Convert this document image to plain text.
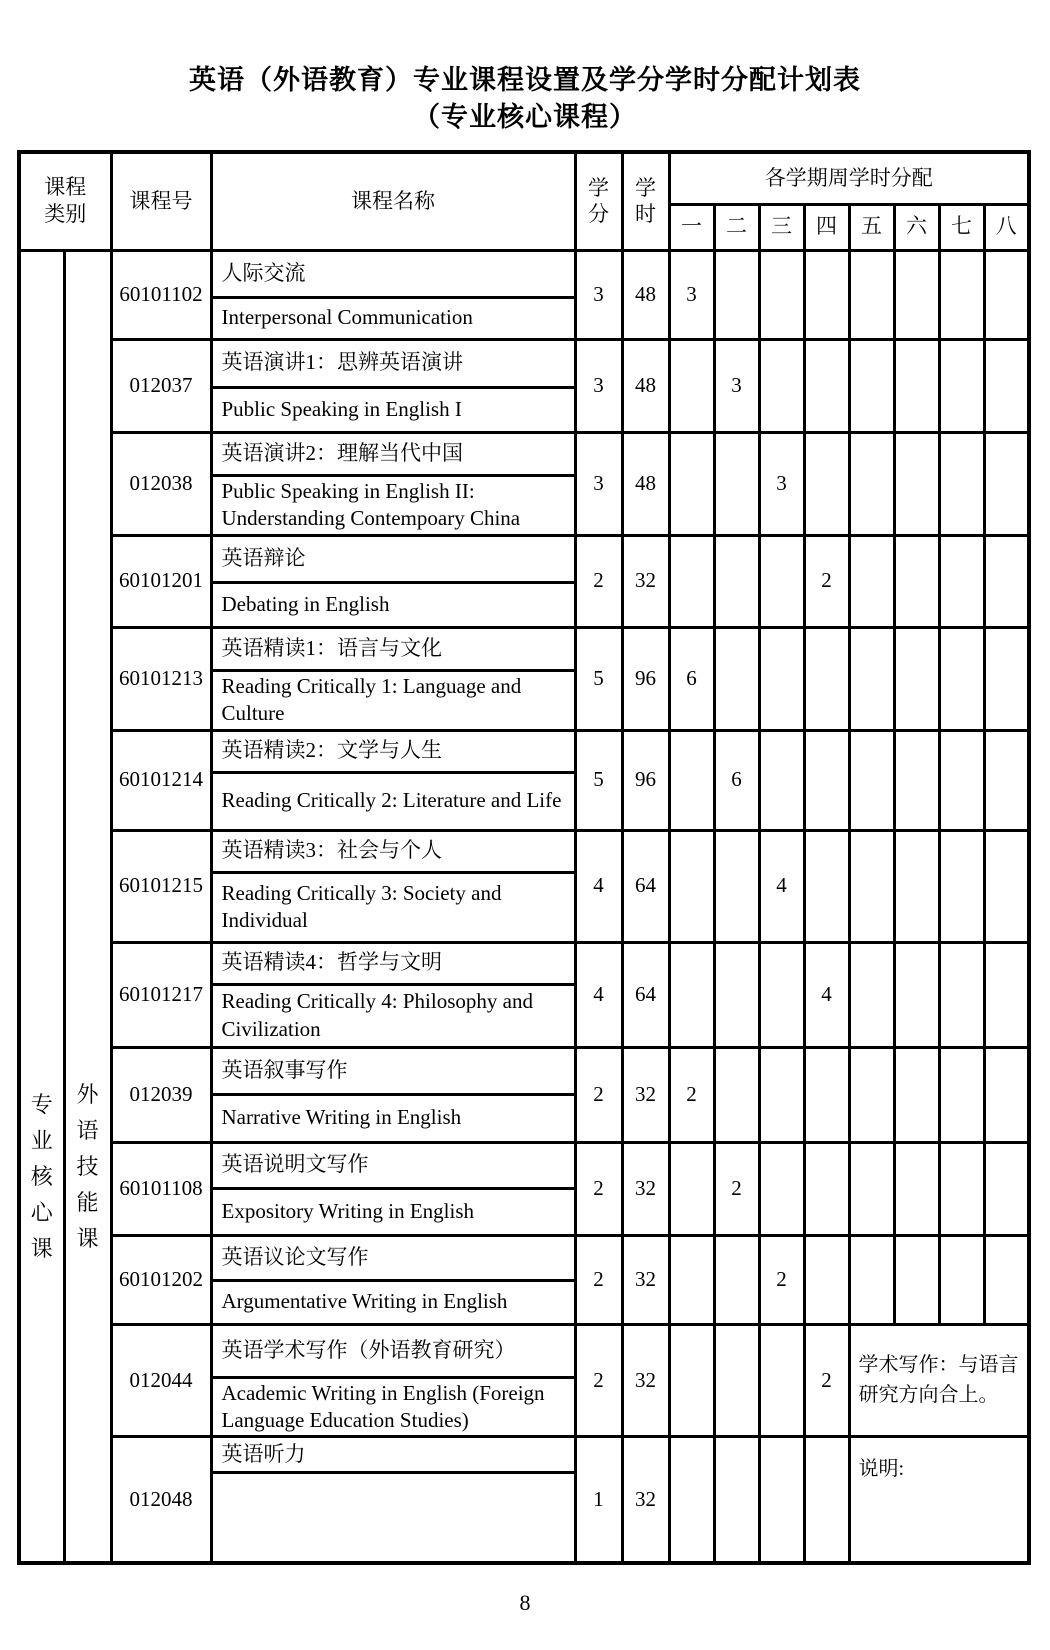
英语（外语教育）专业课程设置及学分学时分配计划表
（专业核心课程）
课程类别		课程号	课程名称	学分	学时	各学期周学时分配							
						一	二	三	四	五	六	七	八

专业核心课	外语技能课	60101102	人际交流	3	48	3							
			Interpersonal Communication										
		012037	英语演讲1：思辨英语演讲	3	48		3						
			Public Speaking in English I										
		012038	英语演讲2：理解当代中国	3	48			3					
			Public Speaking in English II: Understanding Contempoary China										
		60101201	英语辩论	2	32				2				
			Debating in English										
		60101213	英语精读1：语言与文化	5	96	6							
			Reading Critically 1: Language and Culture										
		60101214	英语精读2：文学与人生	5	96		6						
			Reading Critically 2: Literature and Life										
		60101215	英语精读3：社会与个人	4	64			4					
			Reading Critically 3: Society and Individual										
		60101217	英语精读4：哲学与文明	4	64				4				
			Reading Critically 4: Philosophy and Civilization										
		012039	英语叙事写作	2	32	2							
			Narrative Writing in English										
		60101108	英语说明文写作	2	32		2						
			Expository Writing in English										
		60101202	英语议论文写作	2	32			2					
			Argumentative Writing in English										
		012044	英语学术写作（外语教育研究）	2	32				2	学术写作：与语言研究方向合上。			
			Academic Writing in English (Foreign Language Education Studies)										
		012048	英语听力	1	32					说明:			

8
